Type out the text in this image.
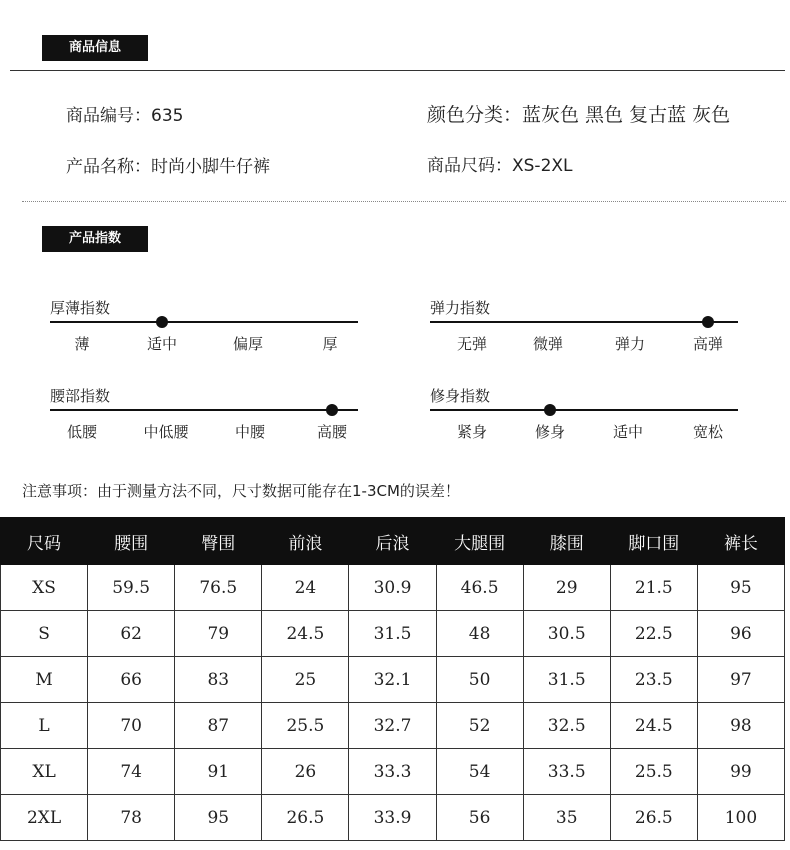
商品信息
商品编号：635	颜色分类：蓝灰色 黑色 复古蓝 灰色
产品名称：时尚小脚牛仔裤	商品尺码：XS-2XL
产品指数
厚薄指数
薄	适中	偏厚	厚
弹力指数
无弹	微弹	弹力	高弹
腰部指数
低腰	中低腰	中腰	高腰
修身指数
紧身	修身	适中	宽松
注意事项：由于测量方法不同，尺寸数据可能存在1-3CM的误差！
尺码	腰围	臀围	前浪	后浪	大腿围	膝围	脚口围	裤长
XS	59.5	76.5	24	30.9	46.5	29	21.5	95
S	62	79	24.5	31.5	48	30.5	22.5	96
M	66	83	25	32.1	50	31.5	23.5	97
L	70	87	25.5	32.7	52	32.5	24.5	98
XL	74	91	26	33.3	54	33.5	25.5	99
2XL	78	95	26.5	33.9	56	35	26.5	100
